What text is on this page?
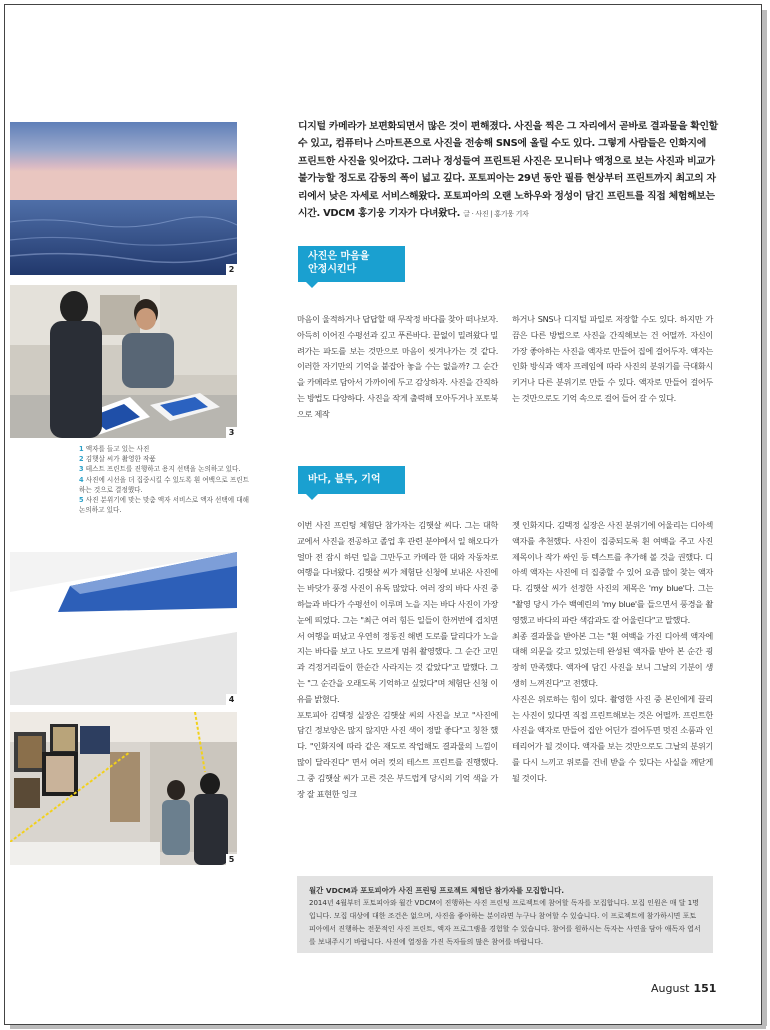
2
3

1 액자를 들고 있는 사진

2 김햇살 씨가 촬영한 작품

3 테스트 프린트를 진행하고 용지 선택을 논의하고 있다.

4 사진에 시선을 더 집중시킬 수 있도록 흰 여백으로 프린트 하는 것으로 결정했다.

5 사진 분위기에 맞는 맞춤 액자 서비스로 액자 선택에 대해 논의하고 있다.

4
5
디지털 카메라가 보편화되면서 많은 것이 편해졌다. 사진을 찍은 그 자리에서 곧바로 결과물을 확인할 수 있고, 컴퓨터나 스마트폰으로 사진을 전송해 SNS에 올릴 수도 있다. 그렇게 사람들은 인화지에 프린트한 사진을 잊어갔다. 그러나 정성들여 프린트된 사진은 모니터나 액정으로 보는 사진과 비교가 불가능할 정도로 감동의 폭이 넓고 깊다. 포토피아는 29년 동안 필름 현상부터 프린트까지 최고의 자리에서 낮은 자세로 서비스해왔다. 포토피아의 오랜 노하우와 정성이 담긴 프린트를 직접 체험해보는 시간. VDCM 홍기웅 기자가 다녀왔다. 글 · 사진 | 홍기웅 기자
사진은 마음을
안정시킨다

마음이 울적하거나 답답할 때 무작정 바다를 찾아 떠나보자. 아득히 이어진 수평선과 깊고 푸른바다. 끝없이 밀려왔다 밀려가는 파도를 보는 것만으로 마음이 씻겨나가는 것 같다. 이러한 자기만의 기억을 붙잡아 놓을 수는 없을까? 그 순간을 카메라로 담아서 가까이에 두고 감상하자. 사진을 간직하는 방법도 다양하다. 사진을 작게 출력해 모아두거나 포토북으로 제작

하거나 SNS나 디지털 파일로 저장할 수도 있다. 하지만 가끔은 다른 방법으로 사진을 간직해보는 건 어떨까. 자신이 가장 좋아하는 사진을 액자로 만들어 집에 걸어두자. 액자는 인화 방식과 액자 프레임에 따라 사진의 분위기를 극대화시키거나 다른 분위기로 만들 수 있다. 액자로 만들어 걸어두는 것만으로도 기억 속으로 걸어 들어 갈 수 있다.

바다, 블루, 기억

이번 사진 프린팅 체험단 참가자는 김햇살 씨다. 그는 대학교에서 사진을 전공하고 졸업 후 관련 분야에서 일 해오다가 얼마 전 잠시 하던 일을 그만두고 카메라 한 대와 자동차로 여행을 다녀왔다. 김햇살 씨가 체험단 신청에 보내온 사진에는 바닷가 풍경 사진이 유독 많았다. 여러 장의 바다 사진 중 하늘과 바다가 수평선이 이루며 노을 지는 바다 사진이 가장 눈에 띄었다. 그는 "최근 여러 힘든 일들이 한꺼번에 겹치면서 여행을 떠났고 우연히 정동진 해변 도로를 달리다가 노을 지는 바다를 보고 나도 모르게 멈춰 촬영했다. 그 순간 고민과 걱정거리들이 한순간 사라지는 것 같았다"고 말했다. 그는 "그 순간을 오래도록 기억하고 싶었다"며 체험단 신청 이유를 밝혔다.

포토피아 김택정 실장은 김햇살 씨의 사진을 보고 "사진에 담긴 정보양은 많지 않지만 사진 색이 정말 좋다"고 칭찬 했다. "인화지에 따라 같은 재도로 작업해도 결과물의 느낌이 많이 달라진다" 면서 여러 컷의 테스트 프린트를 진행했다. 그 중 김햇살 씨가 고른 것은 부드럽게 당시의 기억 색을 가장 잘 표현한 잉크

젯 인화지다. 김택정 실장은 사진 분위기에 어울리는 디아섹 액자를 추천했다. 사진이 집중되도록 흰 여백을 주고 사진 제목이나 작가 싸인 등 텍스트를 추가해 볼 것을 권했다. 디아섹 액자는 사진에 더 집중할 수 있어 요즘 많이 찾는 액자다. 김햇살 씨가 선정한 사진의 제목은 'my blue'다. 그는 "촬영 당시 가수 백예린의 'my blue'를 들으면서 풍경을 촬영했고 바다의 파란 색감과도 잘 어울린다"고 말했다.

최종 결과물을 받아본 그는 "흰 여백을 가진 디아섹 액자에 대해 의문을 갖고 있었는데 완성된 액자를 받아 본 순간 굉장히 만족했다. 액자에 담긴 사진을 보니 그날의 기분이 생생히 느껴진다"고 전했다.

사진은 위로하는 힘이 있다. 촬영한 사진 중 본인에게 끌리는 사진이 있다면 직접 프린트해보는 것은 어떨까. 프린트한 사진을 액자로 만들어 집안 어딘가 걸어두면 멋진 소품과 인테리어가 될 것이다. 액자를 보는 것만으로도 그날의 분위기를 다시 느끼고 위로를 건네 받을 수 있다는 사실을 깨닫게될 것이다.

월간 VDCM과 포토피아가 사진 프린팅 프로젝트 체험단 참가자를 모집합니다.

2014년 4월부터 포토피아와 월간 VDCM이 진행하는 사진 프린팅 프로젝트에 참여할 독자를 모집합니다. 모집 인원은 매 달 1명입니다. 모집 대상에 대한 조건은 없으며, 사진을 좋아하는 분이라면 누구나 참여할 수 있습니다. 이 프로젝트에 참가하시면 포토피아에서 진행하는 전문적인 사진 프린트, 액자 프로그램을 경험할 수 있습니다. 참여를 원하시는 독자는 사연을 담아 애독자 엽서를 보내주시기 바랍니다. 사진에 열정을 가진 독자들의 많은 참여를 바랍니다.

August 151
